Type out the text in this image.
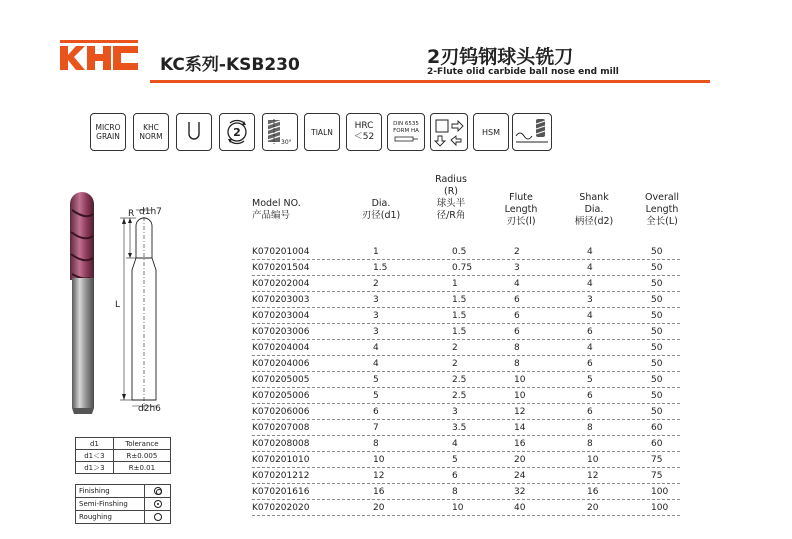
KC系列-KSB230	2刃钨钢球头铣刀
2-Flute olid carbide ball nose end mill
MICRO
GRAIN
KHC
NORM	2
30°
TIALN
HRC
＜52
DIN 6535
FORM HA	HSM
R d1h7
L
d2h6
d1	Tolerance
d1＜3	R±0.005
d1＞3	R±0.01
Finishing	
Semi-Finshing	
Roughing	
Model NO.
产品编号
Dia.
刃径(d1)
Radius
(R)
球头半
径/R角
Flute
Length
刃长(l)
Shank
Dia.
柄径(d2)
Overall
Length
全长(L)
K070201004	1	0.5	2	4	50
K070201504	1.5	0.75	3	4	50
K070202004	2	1	4	4	50
K070203003	3	1.5	6	3	50
K070203004	3	1.5	6	4	50
K070203006	3	1.5	6	6	50
K070204004	4	2	8	4	50
K070204006	4	2	8	6	50
K070205005	5	2.5	10	5	50
K070205006	5	2.5	10	6	50
K070206006	6	3	12	6	50
K070207008	7	3.5	14	8	60
K070208008	8	4	16	8	60
K070201010	10	5	20	10	75
K070201212	12	6	24	12	75
K070201616	16	8	32	16	100
K070202020	20	10	40	20	100
